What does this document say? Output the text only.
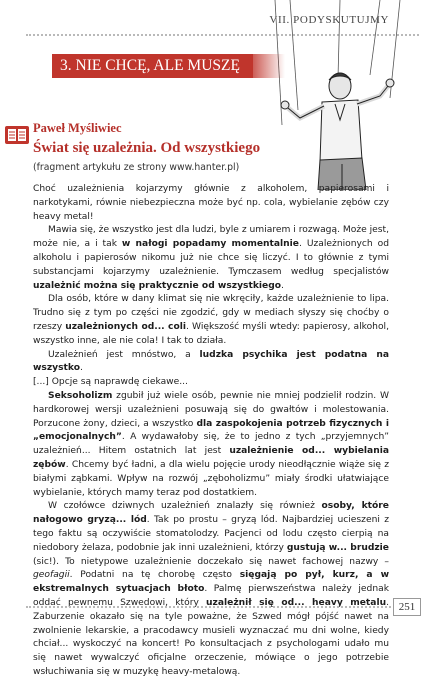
VII. PODYSKUTUJMY
3. NIE CHCĘ, ALE MUSZĘ
Paweł Myśliwiec
Świat się uzależnia. Od wszystkiego
(fragment artykułu ze strony www.hanter.pl)

Choć uzależnienia kojarzymy głównie z alkoholem, papierosami i narkotykami, równie niebezpieczna może być np. cola, wybielanie zębów czy heavy metal!

Mawia się, że wszystko jest dla ludzi, byle z umiarem i rozwagą. Może jest, może nie, a i tak w nałogi popadamy momentalnie. Uzależnionych od alkoholu i papierosów nikomu już nie chce się liczyć. I to głównie z tymi substancjami kojarzymy uzależnienie. Tymczasem według specjalistów uzależnić można się praktycznie od wszystkiego.

Dla osób, które w dany klimat się nie wkręciły, każde uzależnienie to lipa. Trudno się z tym po części nie zgodzić, gdy w mediach słyszy się choćby o rzeszy uzależnionych od... coli. Większość myśli wtedy: papierosy, alkohol, wszystko inne, ale nie cola! I tak to działa.

Uzależnień jest mnóstwo, a ludzka psychika jest podatna na wszystko.

[...] Opcje są naprawdę ciekawe...

Seksoholizm zgubił już wiele osób, pewnie nie mniej podzielił rodzin. W hardkorowej wersji uzależnieni posuwają się do gwałtów i molestowania. Porzucone żony, dzieci, a wszystko dla zaspokojenia potrzeb fizycznych i „emocjonalnych”. A wydawałoby się, że to jedno z tych „przyjemnych” uzależnień... Hitem ostatnich lat jest uzależnienie od... wybielania zębów. Chcemy być ładni, a dla wielu pojęcie urody nieodłącznie wiąże się z białymi ząbkami. Wpływ na rozwój „zęboholizmu” miały środki ułatwiające wybielanie, których mamy teraz pod dostatkiem.

W czołówce dziwnych uzależnień znalazły się również osoby, które nałogowo gryzą... lód. Tak po prostu – gryzą lód. Najbardziej ucieszeni z tego faktu są oczywiście stomatolodzy. Pacjenci od lodu często cierpią na niedobory żelaza, podobnie jak inni uzależnieni, którzy gustują w... brudzie (sic!). To nietypowe uzależnienie doczekało się nawet fachowej nazwy – geofagii. Podatni na tę chorobę często sięgają po pył, kurz, a w ekstremalnych sytuacjach błoto. Palmę pierwszeństwa należy jednak oddać pewnemu Szwedowi, który uzależnił się od... heavy metalu. Zaburzenie okazało się na tyle poważne, że Szwed mógł pójść nawet na zwolnienie lekarskie, a pracodawcy musieli wyznaczać mu dni wolne, kiedy chciał... wyskoczyć na koncert! Po konsultacjach z psychologami udało mu się nawet wywalczyć oficjalne orzeczenie, mówiące o jego potrzebie wsłuchiwania się w muzykę heavy-metalową.

251
